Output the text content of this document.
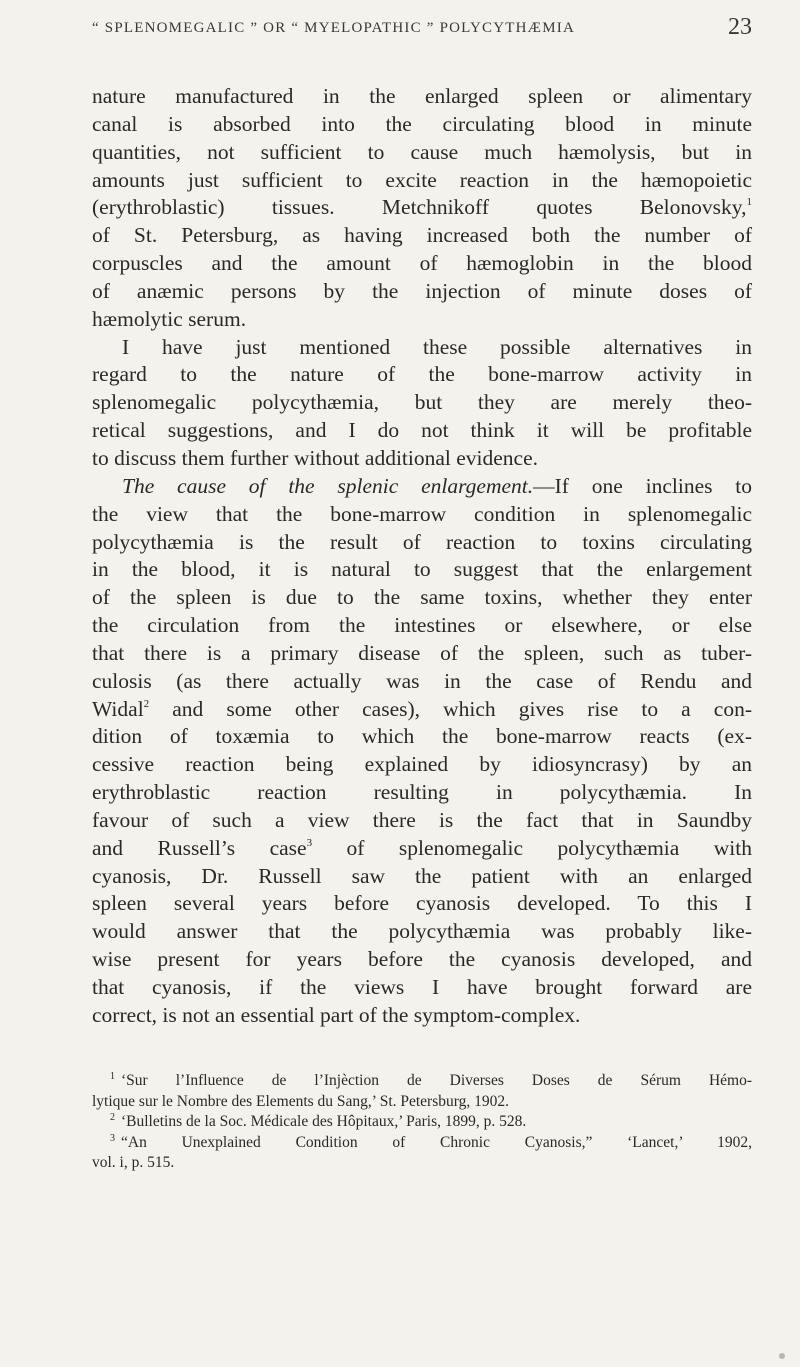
“ SPLENOMEGALIC ” OR “ MYELOPATHIC ” POLYCYTHÆMIA	23
nature manufactured in the enlarged spleen or alimentary
canal is absorbed into the circulating blood in minute
quantities, not sufficient to cause much hæmolysis, but in
amounts just sufficient to excite reaction in the hæmopoietic
(erythroblastic) tissues. Metchnikoff quotes Belonovsky,$^1$
of St. Petersburg, as having increased both the number of
corpuscles and the amount of hæmoglobin in the blood
of anæmic persons by the injection of minute doses of
hæmolytic serum.
I have just mentioned these possible alternatives in
regard to the nature of the bone-marrow activity in
splenomegalic polycythæmia, but they are merely theo-
retical suggestions, and I do not think it will be profitable
to discuss them further without additional evidence.
The cause of the splenic enlargement.—If one inclines to
the view that the bone-marrow condition in splenomegalic
polycythæmia is the result of reaction to toxins circulating
in the blood, it is natural to suggest that the enlargement
of the spleen is due to the same toxins, whether they enter
the circulation from the intestines or elsewhere, or else
that there is a primary disease of the spleen, such as tuber-
culosis (as there actually was in the case of Rendu and
Widal$^2$ and some other cases), which gives rise to a con-
dition of toxæmia to which the bone-marrow reacts (ex-
cessive reaction being explained by idiosyncrasy) by an
erythroblastic reaction resulting in polycythæmia. In
favour of such a view there is the fact that in Saundby
and Russell’s case$^3$ of splenomegalic polycythæmia with
cyanosis, Dr. Russell saw the patient with an enlarged
spleen several years before cyanosis developed. To this I
would answer that the polycythæmia was probably like-
wise present for years before the cyanosis developed, and
that cyanosis, if the views I have brought forward are
correct, is not an essential part of the symptom-complex.
$^1$ ‘Sur l’Influence de l’Injèction de Diverses Doses de Sérum Hémo-
lytique sur le Nombre des Elements du Sang,’ St. Petersburg, 1902.
$^2$ ‘Bulletins de la Soc. Médicale des Hôpitaux,’ Paris, 1899, p. 528.
$^3$ “An Unexplained Condition of Chronic Cyanosis,” ‘Lancet,’ 1902,
vol. i, p. 515.
